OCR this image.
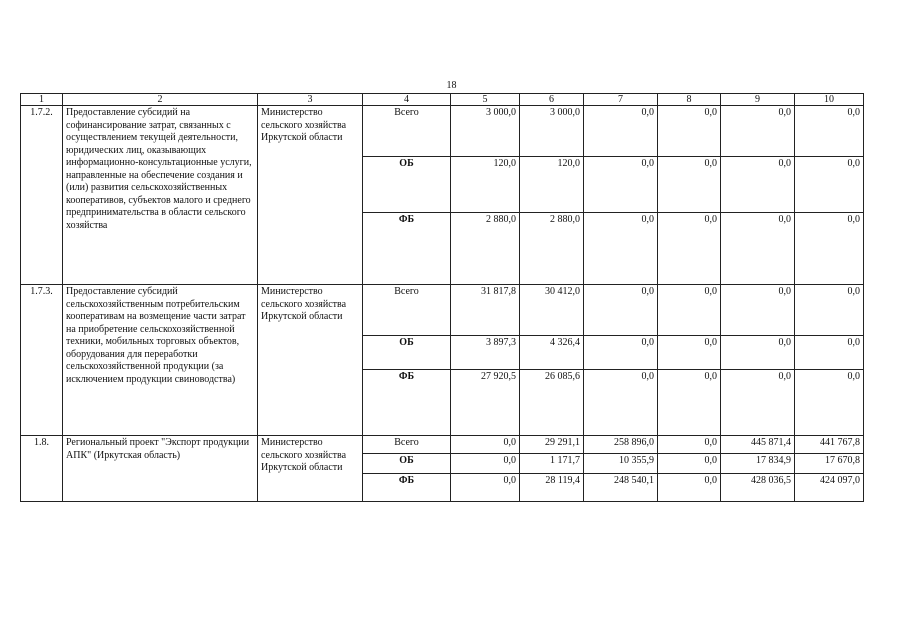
18
1	2	3	4	5	6	7	8	9	10
1.7.2.	Предоставление субсидий на софинансирование затрат, связанных с осуществлением текущей деятельности, юридических лиц, оказывающих информационно-консультационные услуги, направленные на обеспечение создания и (или) развития сельскохозяйственных кооперативов, субъектов малого и среднего предпринимательства в области сельского хозяйства	Министерство сельского хозяйства Иркутской области	Всего	3 000,0	3 000,0	0,0	0,0	0,0	0,0
			ОБ	120,0	120,0	0,0	0,0	0,0	0,0
			ФБ	2 880,0	2 880,0	0,0	0,0	0,0	0,0
1.7.3.	Предоставление субсидий сельскохозяйственным потребительским кооперативам на возмещение части затрат на приобретение сельскохозяйственной техники, мобильных торговых объектов, оборудования для переработки сельскохозяйственной продукции (за исключением продукции свиноводства)	Министерство сельского хозяйства Иркутской области	Всего	31 817,8	30 412,0	0,0	0,0	0,0	0,0
			ОБ	3 897,3	4 326,4	0,0	0,0	0,0	0,0
			ФБ	27 920,5	26 085,6	0,0	0,0	0,0	0,0
1.8.	Региональный проект "Экспорт продукции АПК" (Иркутская область)	Министерство сельского хозяйства Иркутской области	Всего	0,0	29 291,1	258 896,0	0,0	445 871,4	441 767,8
			ОБ	0,0	1 171,7	10 355,9	0,0	17 834,9	17 670,8
			ФБ	0,0	28 119,4	248 540,1	0,0	428 036,5	424 097,0
